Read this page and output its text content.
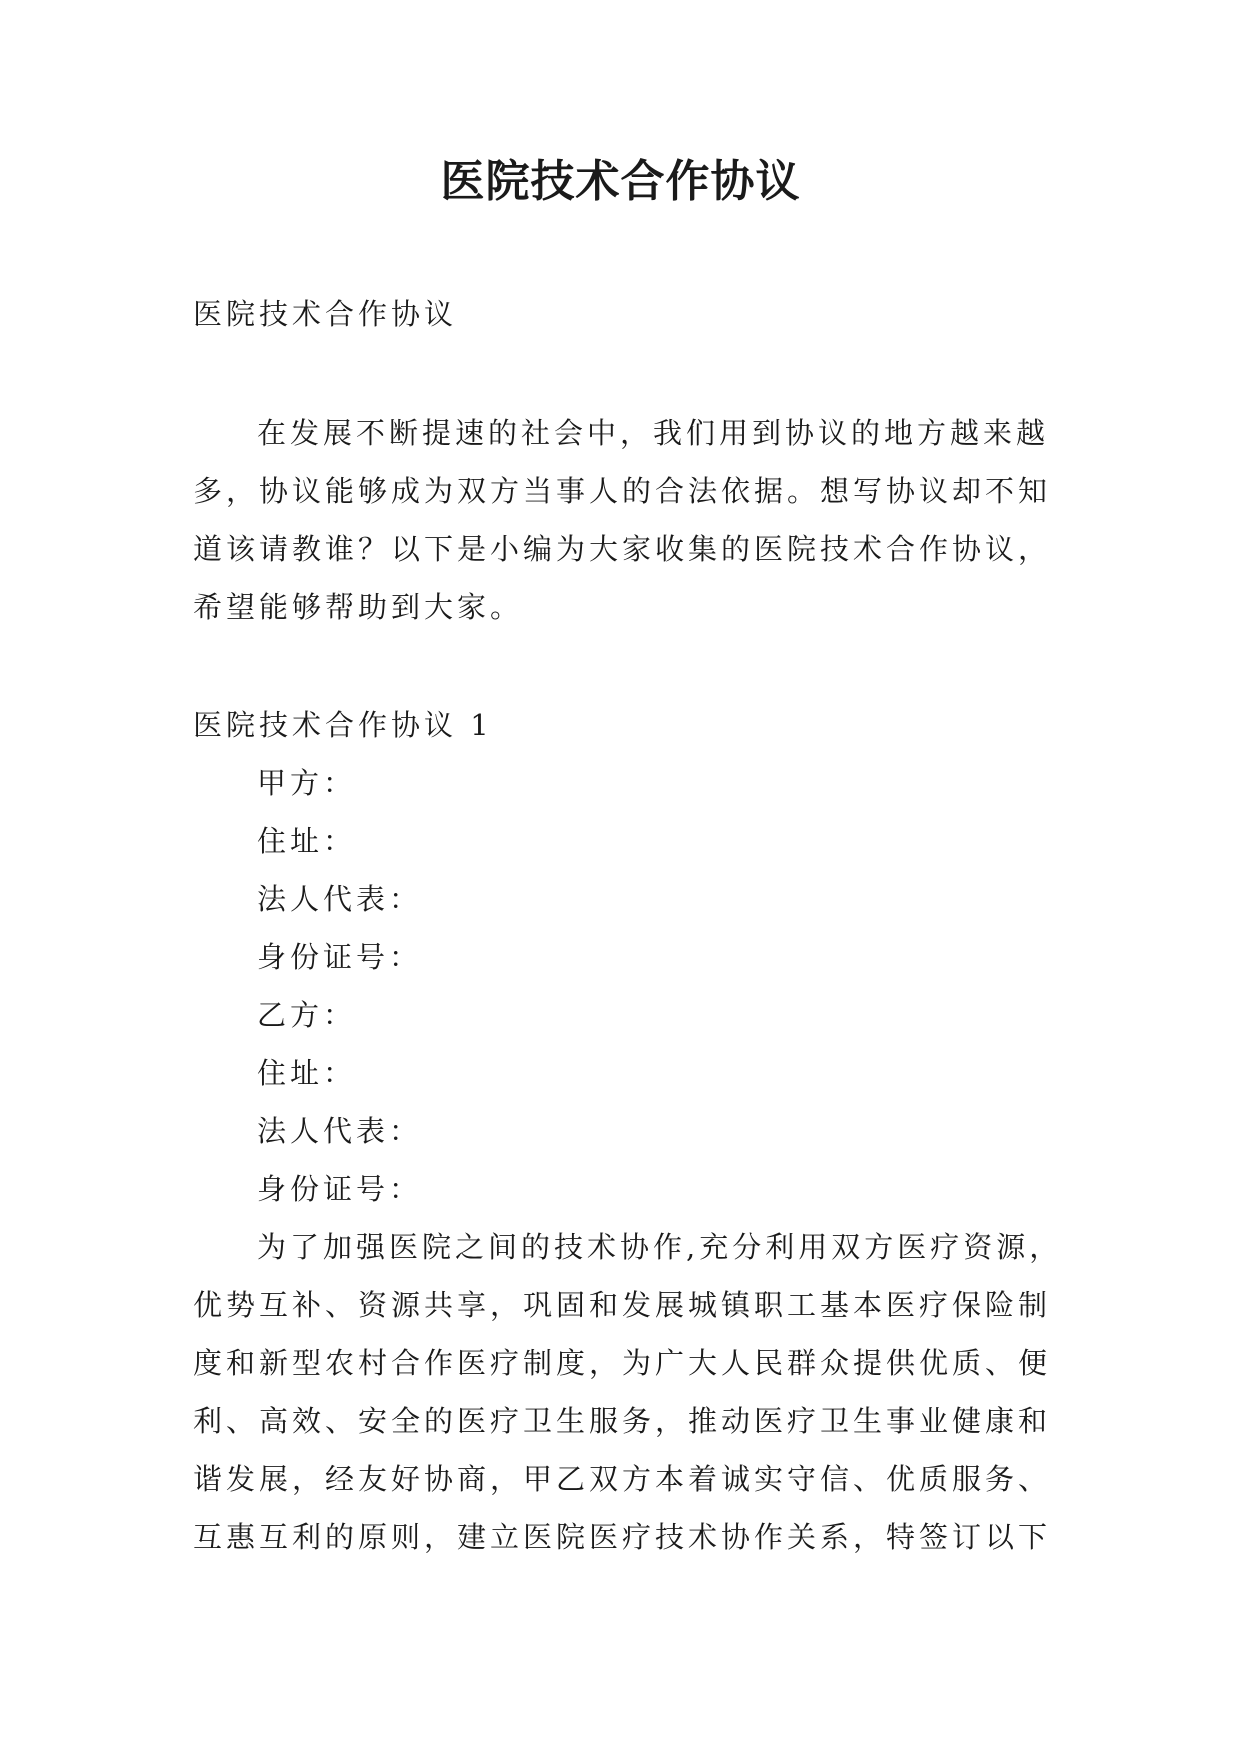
医院技术合作协议

医院技术合作协议

在发展不断提速的社会中，我们用到协议的地方越来越
多，协议能够成为双方当事人的合法依据。想写协议却不知
道该请教谁？以下是小编为大家收集的医院技术合作协议，
希望能够帮助到大家。
医院技术合作协议 1
甲方：
住址：
法人代表：
身份证号：
乙方：
住址：
法人代表：
身份证号：
为了加强医院之间的技术协作,充分利用双方医疗资源，
优势互补、资源共享，巩固和发展城镇职工基本医疗保险制
度和新型农村合作医疗制度，为广大人民群众提供优质、便
利、高效、安全的医疗卫生服务，推动医疗卫生事业健康和
谐发展，经友好协商，甲乙双方本着诚实守信、优质服务、
互惠互利的原则，建立医院医疗技术协作关系，特签订以下
